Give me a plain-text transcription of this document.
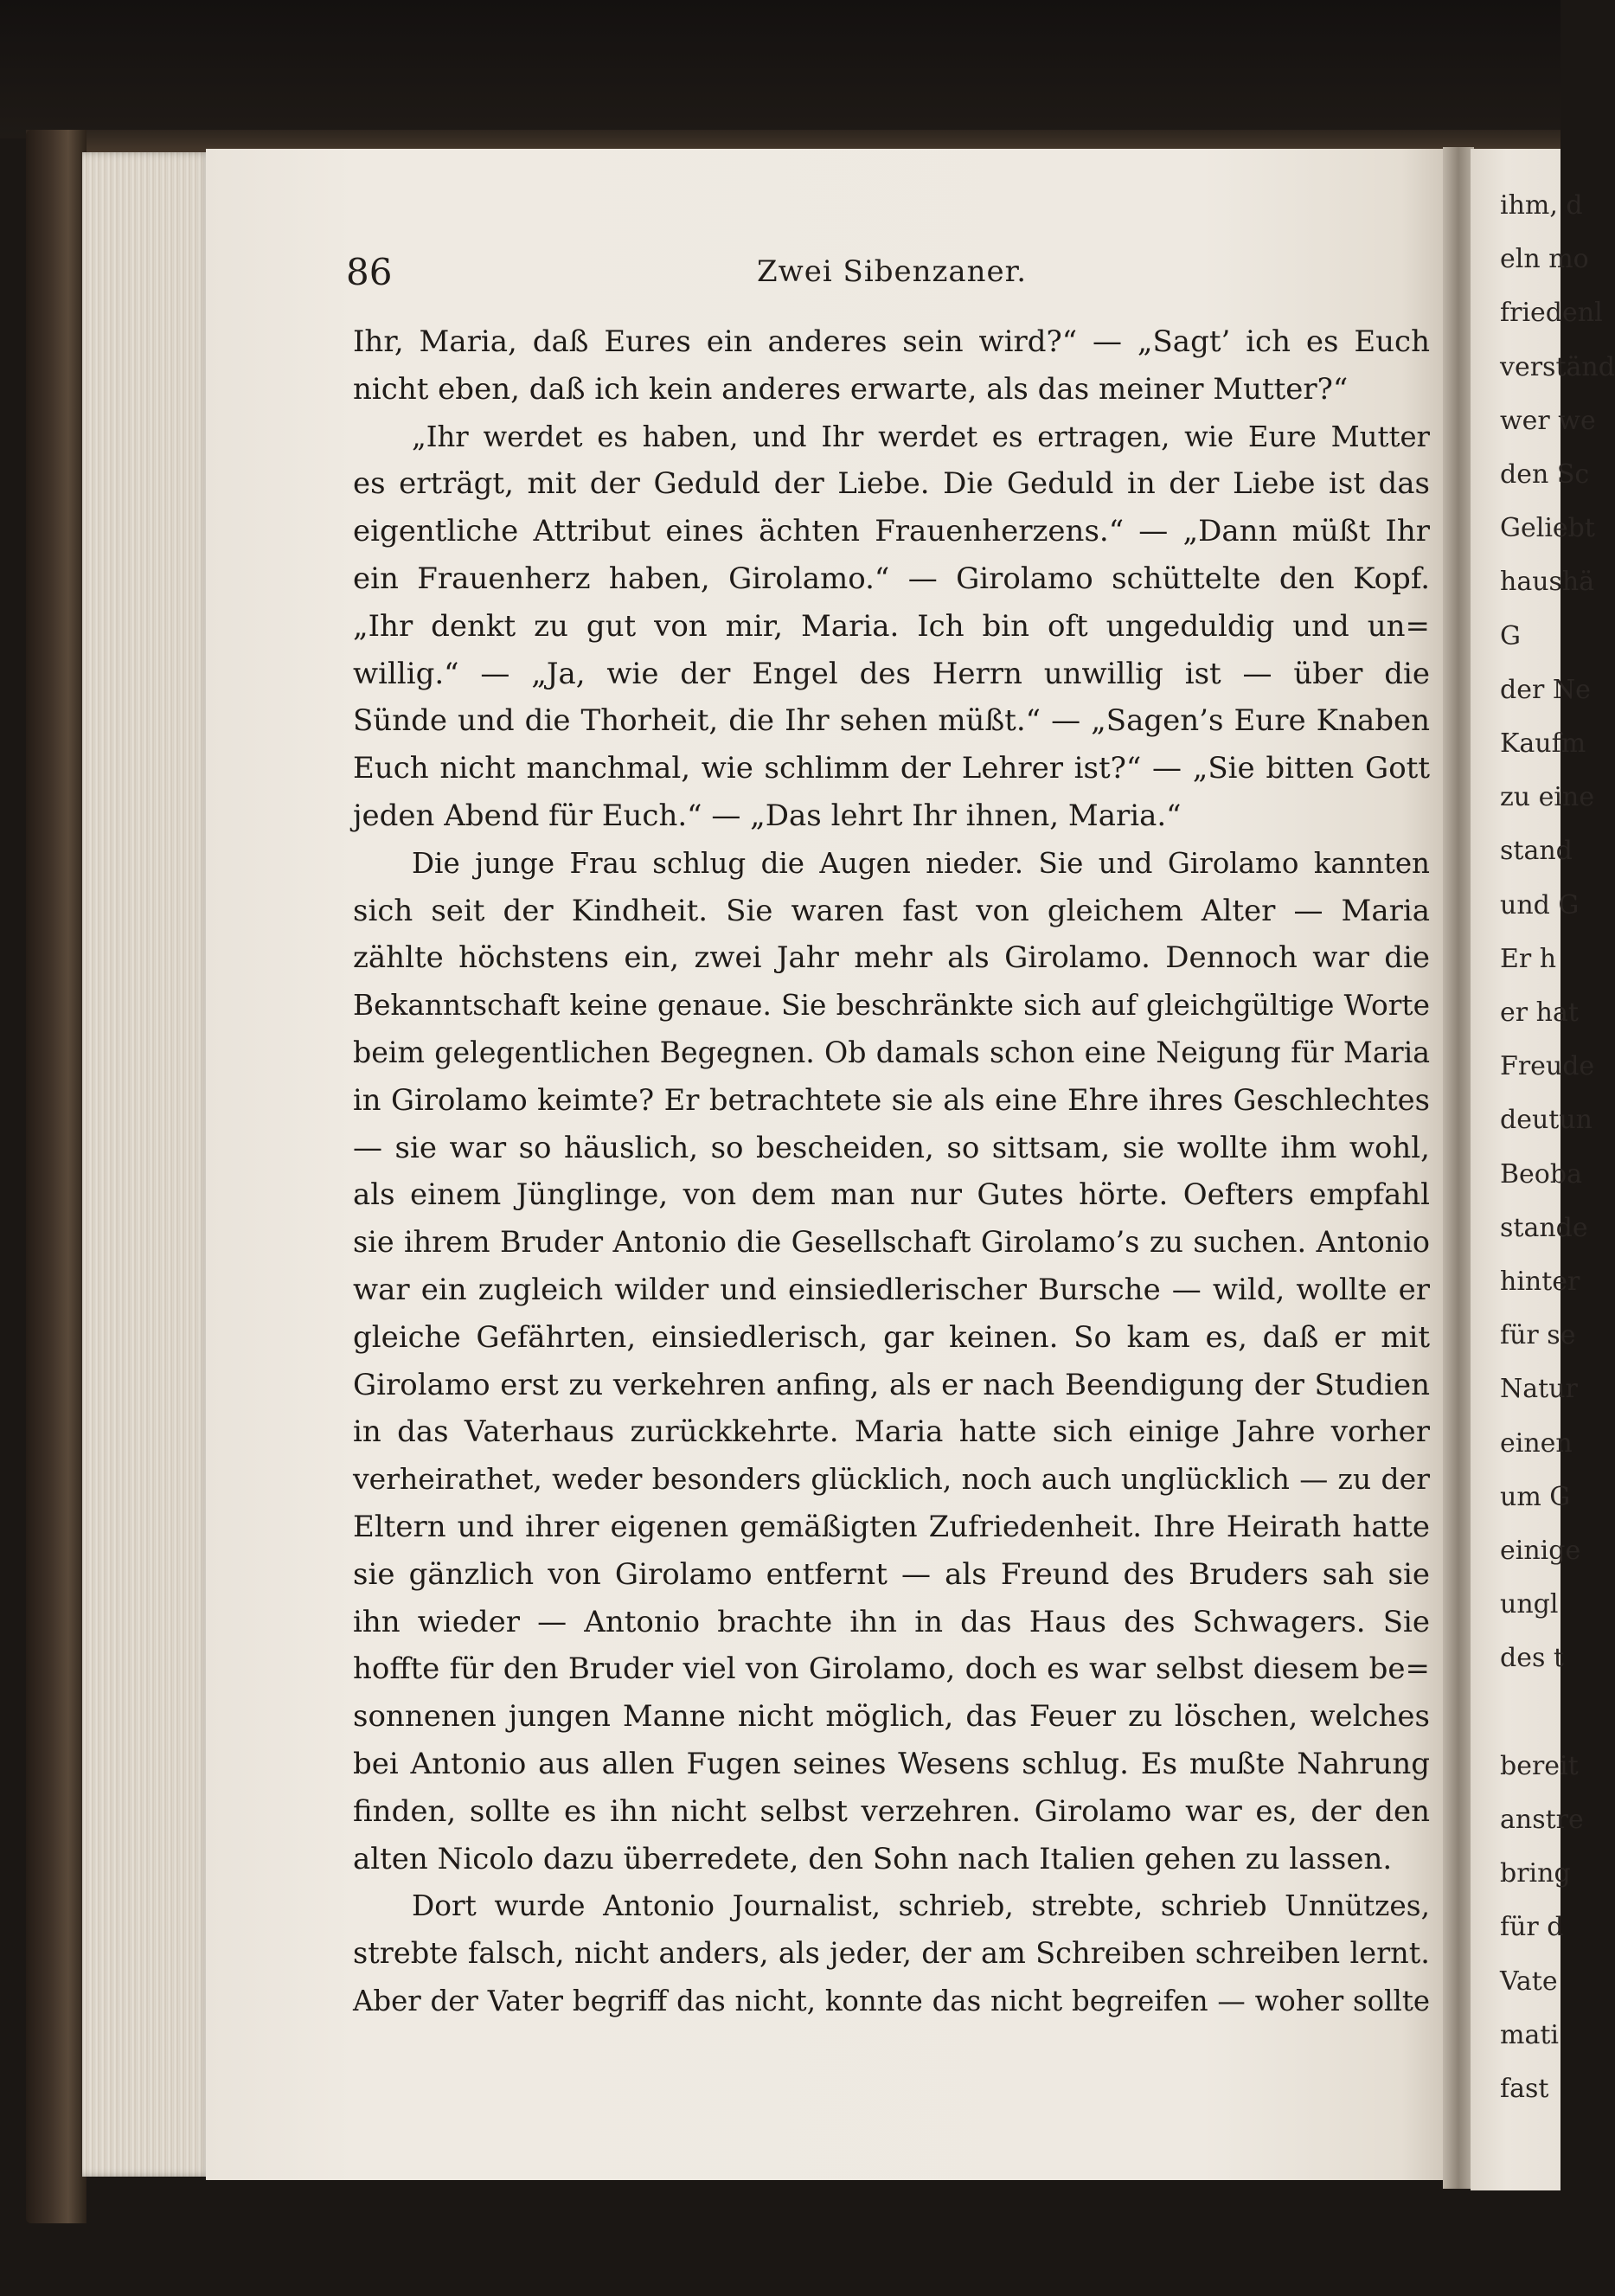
ihm, d
eln mo
friedenl
verständ
wer we
den Sc
Geliebt
haushä
G
der Ne
Kaufm
zu eine
stand
und G
Er h
er hat
Freude
deutun
Beoba
stande
hinter
für se
Natur
einen
um G
einige
ungl
des t
bereit
anstre
bring
für d
Vate
mati
fast
86	Zwei Sibenzaner.
Ihr, Maria, daß Eures ein anderes sein wird?“ — „Sagt’ ich es Euch
nicht eben, daß ich kein anderes erwarte, als das meiner Mutter?“
„Ihr werdet es haben, und Ihr werdet es ertragen, wie Eure Mutter
es erträgt, mit der Geduld der Liebe. Die Geduld in der Liebe ist das
eigentliche Attribut eines ächten Frauenherzens.“ — „Dann müßt Ihr
ein Frauenherz haben, Girolamo.“ — Girolamo schüttelte den Kopf.
„Ihr denkt zu gut von mir, Maria. Ich bin oft ungeduldig und un=
willig.“ — „Ja, wie der Engel des Herrn unwillig ist — über die
Sünde und die Thorheit, die Ihr sehen müßt.“ — „Sagen’s Eure Knaben
Euch nicht manchmal, wie schlimm der Lehrer ist?“ — „Sie bitten Gott
jeden Abend für Euch.“ — „Das lehrt Ihr ihnen, Maria.“
Die junge Frau schlug die Augen nieder. Sie und Girolamo kannten
sich seit der Kindheit. Sie waren fast von gleichem Alter — Maria
zählte höchstens ein, zwei Jahr mehr als Girolamo. Dennoch war die
Bekanntschaft keine genaue. Sie beschränkte sich auf gleichgültige Worte
beim gelegentlichen Begegnen. Ob damals schon eine Neigung für Maria
in Girolamo keimte? Er betrachtete sie als eine Ehre ihres Geschlechtes
— sie war so häuslich, so bescheiden, so sittsam, sie wollte ihm wohl,
als einem Jünglinge, von dem man nur Gutes hörte. Oefters empfahl
sie ihrem Bruder Antonio die Gesellschaft Girolamo’s zu suchen. Antonio
war ein zugleich wilder und einsiedlerischer Bursche — wild, wollte er
gleiche Gefährten, einsiedlerisch, gar keinen. So kam es, daß er mit
Girolamo erst zu verkehren anfing, als er nach Beendigung der Studien
in das Vaterhaus zurückkehrte. Maria hatte sich einige Jahre vorher
verheirathet, weder besonders glücklich, noch auch unglücklich — zu der
Eltern und ihrer eigenen gemäßigten Zufriedenheit. Ihre Heirath hatte
sie gänzlich von Girolamo entfernt — als Freund des Bruders sah sie
ihn wieder — Antonio brachte ihn in das Haus des Schwagers. Sie
hoffte für den Bruder viel von Girolamo, doch es war selbst diesem be=
sonnenen jungen Manne nicht möglich, das Feuer zu löschen, welches
bei Antonio aus allen Fugen seines Wesens schlug. Es mußte Nahrung
finden, sollte es ihn nicht selbst verzehren. Girolamo war es, der den
alten Nicolo dazu überredete, den Sohn nach Italien gehen zu lassen.
Dort wurde Antonio Journalist, schrieb, strebte, schrieb Unnützes,
strebte falsch, nicht anders, als jeder, der am Schreiben schreiben lernt.
Aber der Vater begriff das nicht, konnte das nicht begreifen — woher sollte
